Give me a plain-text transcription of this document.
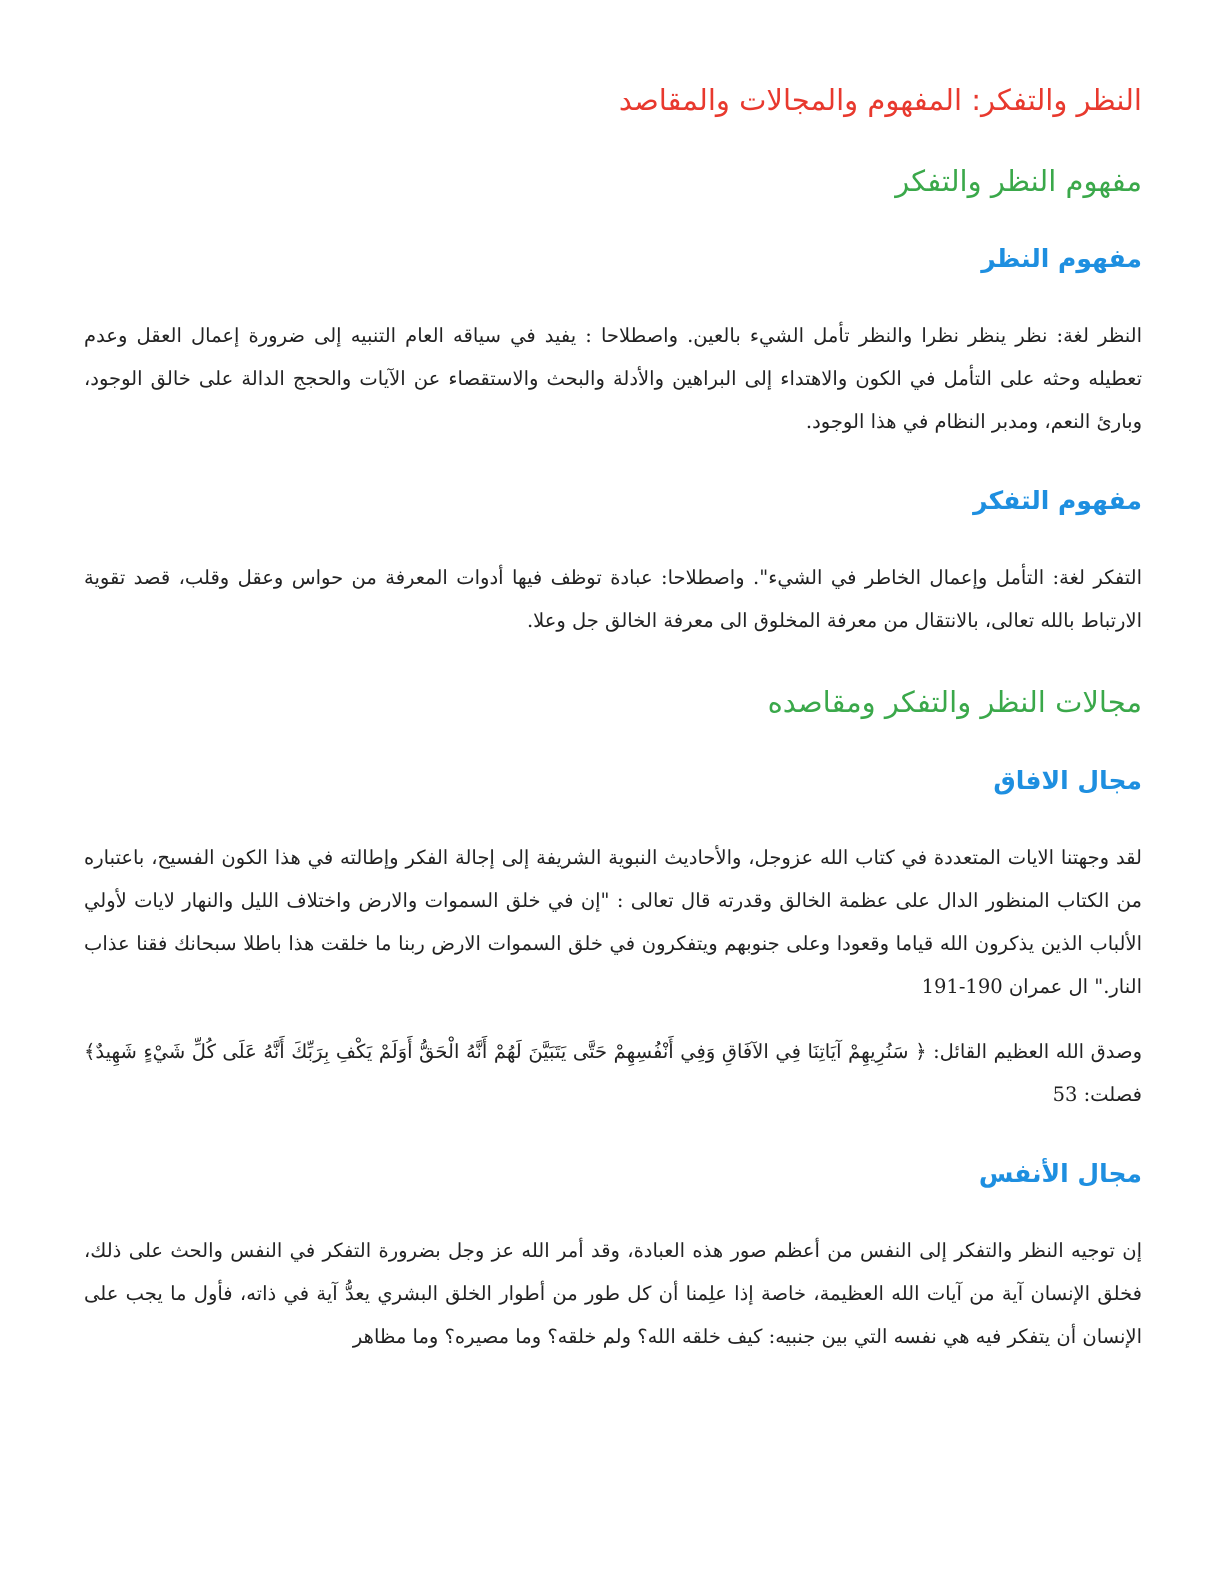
النظر والتفكر: المفهوم والمجالات والمقاصد
مفهوم النظر والتفكر
مفهوم النظر

النظر لغة: نظر ينظر نظرا والنظر تأمل الشيء بالعين. واصطلاحا : يفيد في سياقه العام التنبيه إلى ضرورة إعمال العقل وعدم تعطيله وحثه على التأمل في الكون والاهتداء إلى البراهين والأدلة والبحث والاستقصاء عن الآيات والحجج الدالة على خالق الوجود، وبارئ النعم، ومدبر النظام في هذا الوجود.

مفهوم التفكر

التفكر لغة: التأمل وإعمال الخاطر في الشيء". واصطلاحا: عبادة توظف فيها أدوات المعرفة من حواس وعقل وقلب، قصد تقوية الارتباط بالله تعالى، بالانتقال من معرفة المخلوق الى معرفة الخالق جل وعلا.

مجالات النظر والتفكر ومقاصده
مجال الافاق

لقد وجهتنا الايات المتعددة في كتاب الله عزوجل، والأحاديث النبوية الشريفة إلى إجالة الفكر وإطالته في هذا الكون الفسيح، باعتباره من الكتاب المنظور الدال على عظمة الخالق وقدرته قال تعالى : "إن في خلق السموات والارض واختلاف الليل والنهار لايات لأولي الألباب الذين يذكرون الله قياما وقعودا وعلى جنوبهم ويتفكرون في خلق السموات الارض ربنا ما خلقت هذا باطلا سبحانك فقنا عذاب النار." ال عمران 190-191

وصدق الله العظيم القائل: ﴿ سَنُرِيهِمْ آيَاتِنَا فِي الآفَاقِ وَفِي أَنْفُسِهِمْ حَتَّى يَتَبَيَّنَ لَهُمْ أَنَّهُ الْحَقُّ أَوَلَمْ يَكْفِ بِرَبِّكَ أَنَّهُ عَلَى كُلِّ شَيْءٍ شَهِيدٌ﴾ فصلت: 53

مجال الأنفس

إن توجيه النظر والتفكر إلى النفس من أعظم صور هذه العبادة، وقد أمر الله عز وجل بضرورة التفكر في النفس والحث على ذلك، فخلق الإنسان آية من آيات الله العظيمة، خاصة إذا علِمنا أن كل طور من أطوار الخلق البشري يعدُّ آية في ذاته، فأول ما يجب على الإنسان أن يتفكر فيه هي نفسه التي بين جنبيه: كيف خلقه الله؟ ولم خلقه؟ وما مصيره؟ وما مظاهر
